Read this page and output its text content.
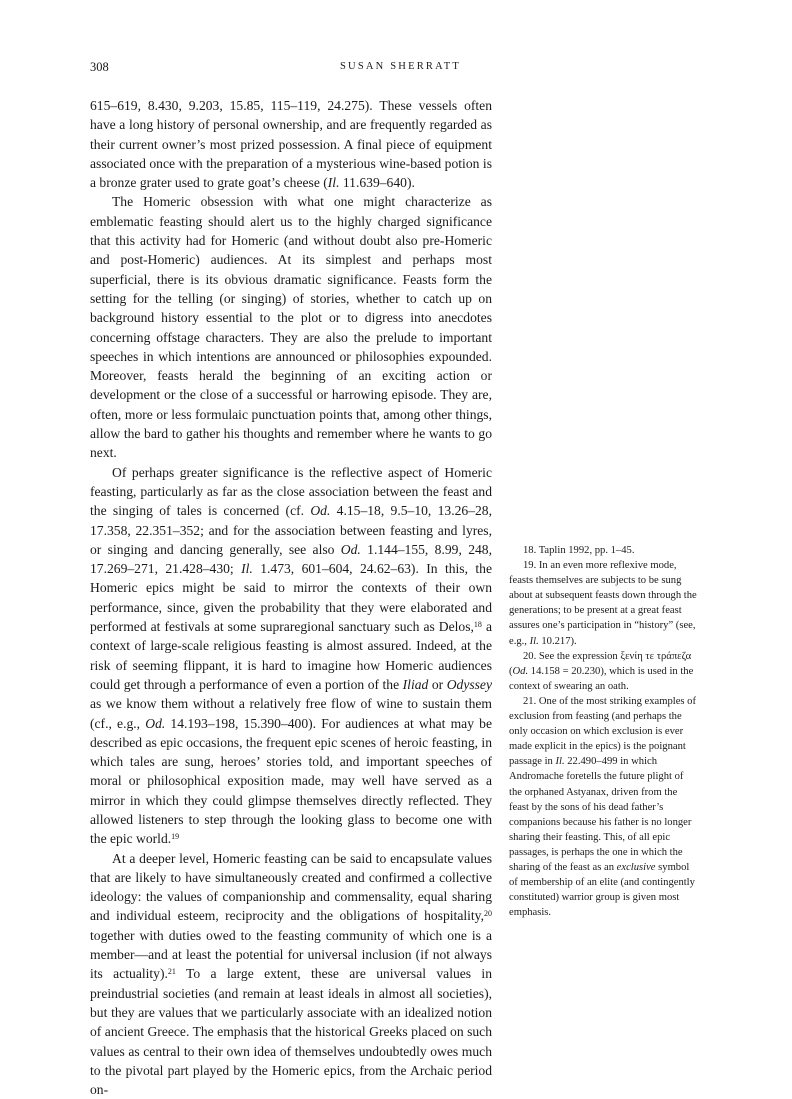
308	SUSAN SHERRATT

615–619, 8.430, 9.203, 15.85, 115–119, 24.275). These vessels often have a long history of personal ownership, and are frequently regarded as their current owner’s most prized possession. A final piece of equipment associated once with the preparation of a mysterious wine-based potion is a bronze grater used to grate goat’s cheese (Il. 11.639–640).

The Homeric obsession with what one might characterize as emblematic feasting should alert us to the highly charged significance that this activity had for Homeric (and without doubt also pre-Homeric and post-Homeric) audiences. At its simplest and perhaps most superficial, there is its obvious dramatic significance. Feasts form the setting for the telling (or singing) of stories, whether to catch up on background history essential to the plot or to digress into anecdotes concerning offstage characters. They are also the prelude to important speeches in which intentions are announced or philosophies expounded. Moreover, feasts herald the beginning of an exciting action or development or the close of a successful or harrowing episode. They are, often, more or less formulaic punctuation points that, among other things, allow the bard to gather his thoughts and remember where he wants to go next.

Of perhaps greater significance is the reflective aspect of Homeric feasting, particularly as far as the close association between the feast and the singing of tales is concerned (cf. Od. 4.15–18, 9.5–10, 13.26–28, 17.358, 22.351–352; and for the association between feasting and lyres, or singing and dancing generally, see also Od. 1.144–155, 8.99, 248, 17.269–271, 21.428–430; Il. 1.473, 601–604, 24.62–63). In this, the Homeric epics might be said to mirror the contexts of their own performance, since, given the probability that they were elaborated and performed at festivals at some supraregional sanctuary such as Delos,$^{18}$ a context of large-scale religious feasting is almost assured. Indeed, at the risk of seeming flippant, it is hard to imagine how Homeric audiences could get through a performance of even a portion of the Iliad or Odyssey as we know them without a relatively free flow of wine to sustain them (cf., e.g., Od. 14.193–198, 15.390–400). For audiences at what may be described as epic occasions, the frequent epic scenes of heroic feasting, in which tales are sung, heroes’ stories told, and important speeches of moral or philosophical exposition made, may well have served as a mirror in which they could glimpse themselves directly reflected. They allowed listeners to step through the looking glass to become one with the epic world.$^{19}$

At a deeper level, Homeric feasting can be said to encapsulate values that are likely to have simultaneously created and confirmed a collective ideology: the values of companionship and commensality, equal sharing and individual esteem, reciprocity and the obligations of hospitality,$^{20}$ together with duties owed to the feasting community of which one is a member—and at least the potential for universal inclusion (if not always its actuality).$^{21}$ To a large extent, these are universal values in preindustrial societies (and remain at least ideals in almost all societies), but they are values that we particularly associate with an idealized notion of ancient Greece. The emphasis that the historical Greeks placed on such values as central to their own idea of themselves undoubtedly owes much to the pivotal part played by the Homeric epics, from the Archaic period on-

18. Taplin 1992, pp. 1–45.

19. In an even more reflexive mode, feasts themselves are subjects to be sung about at subsequent feasts down through the generations; to be present at a great feast assures one’s participation in “history” (see, e.g., Il. 10.217).

20. See the expression ξενίη τε τράπεζα (Od. 14.158 = 20.230), which is used in the context of swearing an oath.

21. One of the most striking examples of exclusion from feasting (and perhaps the only occasion on which exclusion is ever made explicit in the epics) is the poignant passage in Il. 22.490–499 in which Andromache foretells the future plight of the orphaned Astyanax, driven from the feast by the sons of his dead father’s companions because his father is no longer sharing their feasting. This, of all epic passages, is perhaps the one in which the sharing of the feast as an exclusive symbol of membership of an elite (and contingently constituted) warrior group is given most emphasis.
